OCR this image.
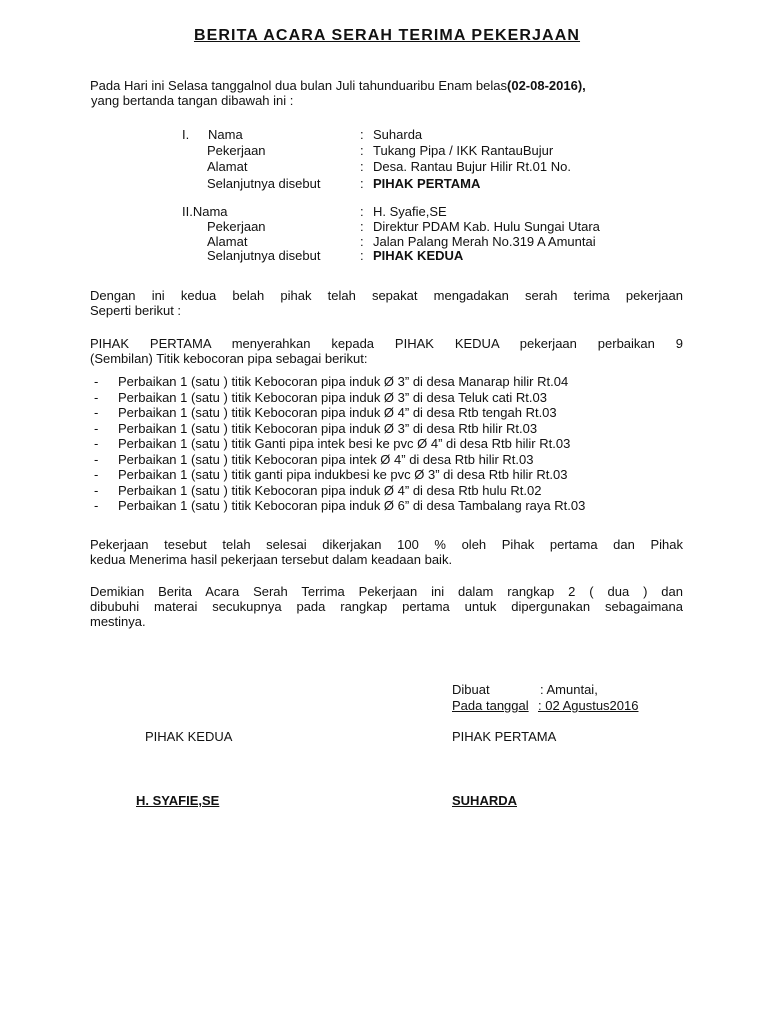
BERITA ACARA SERAH TERIMA PEKERJAAN
Pada Hari ini Selasa tanggalnol dua bulan Juli tahunduaribu Enam belas(02-08-2016),
yang bertanda tangan dibawah ini :
I. Nama	: Suharda
Pekerjaan	: Tukang Pipa / IKK RantauBujur
Alamat	: Desa. Rantau Bujur Hilir Rt.01 No.
Selanjutnya disebut	: PIHAK PERTAMA
II.Nama	: H. Syafie,SE
Pekerjaan	: Direktur PDAM Kab. Hulu Sungai Utara
Alamat	: Jalan Palang Merah No.319 A Amuntai
Selanjutnya disebut	: PIHAK KEDUA
Dengan ini kedua belah pihak telah sepakat mengadakan serah terima pekerjaan
Seperti berikut :
PIHAK PERTAMA menyerahkan kepada PIHAK KEDUA pekerjaan perbaikan 9
(Sembilan) Titik kebocoran pipa sebagai berikut:
- Perbaikan 1 (satu ) titik Kebocoran pipa induk Ø 3” di desa Manarap hilir Rt.04
- Perbaikan 1 (satu ) titik Kebocoran pipa induk Ø 3” di desa Teluk cati Rt.03
- Perbaikan 1 (satu ) titik Kebocoran pipa induk Ø 4” di desa Rtb tengah Rt.03
- Perbaikan 1 (satu ) titik Kebocoran pipa induk Ø 3” di desa Rtb hilir Rt.03
- Perbaikan 1 (satu ) titik Ganti pipa intek besi ke pvc Ø 4” di desa Rtb hilir Rt.03
- Perbaikan 1 (satu ) titik Kebocoran pipa intek Ø 4” di desa Rtb hilir Rt.03
- Perbaikan 1 (satu ) titik ganti pipa indukbesi ke pvc Ø 3” di desa Rtb hilir Rt.03
- Perbaikan 1 (satu ) titik Kebocoran pipa induk Ø 4” di desa Rtb hulu Rt.02
- Perbaikan 1 (satu ) titik Kebocoran pipa induk Ø 6” di desa Tambalang raya Rt.03
Pekerjaan tesebut telah selesai dikerjakan 100 % oleh Pihak pertama dan Pihak
kedua Menerima hasil pekerjaan tersebut dalam keadaan baik.
Demikian Berita Acara Serah Terrima Pekerjaan ini dalam rangkap 2 ( dua ) dan
dibubuhi materai secukupnya pada rangkap pertama untuk dipergunakan sebagaimana
mestinya.
Dibuat	: Amuntai,
Pada tanggal : 02 Agustus2016
PIHAK KEDUA	PIHAK PERTAMA
H. SYAFIE,SE	SUHARDA
